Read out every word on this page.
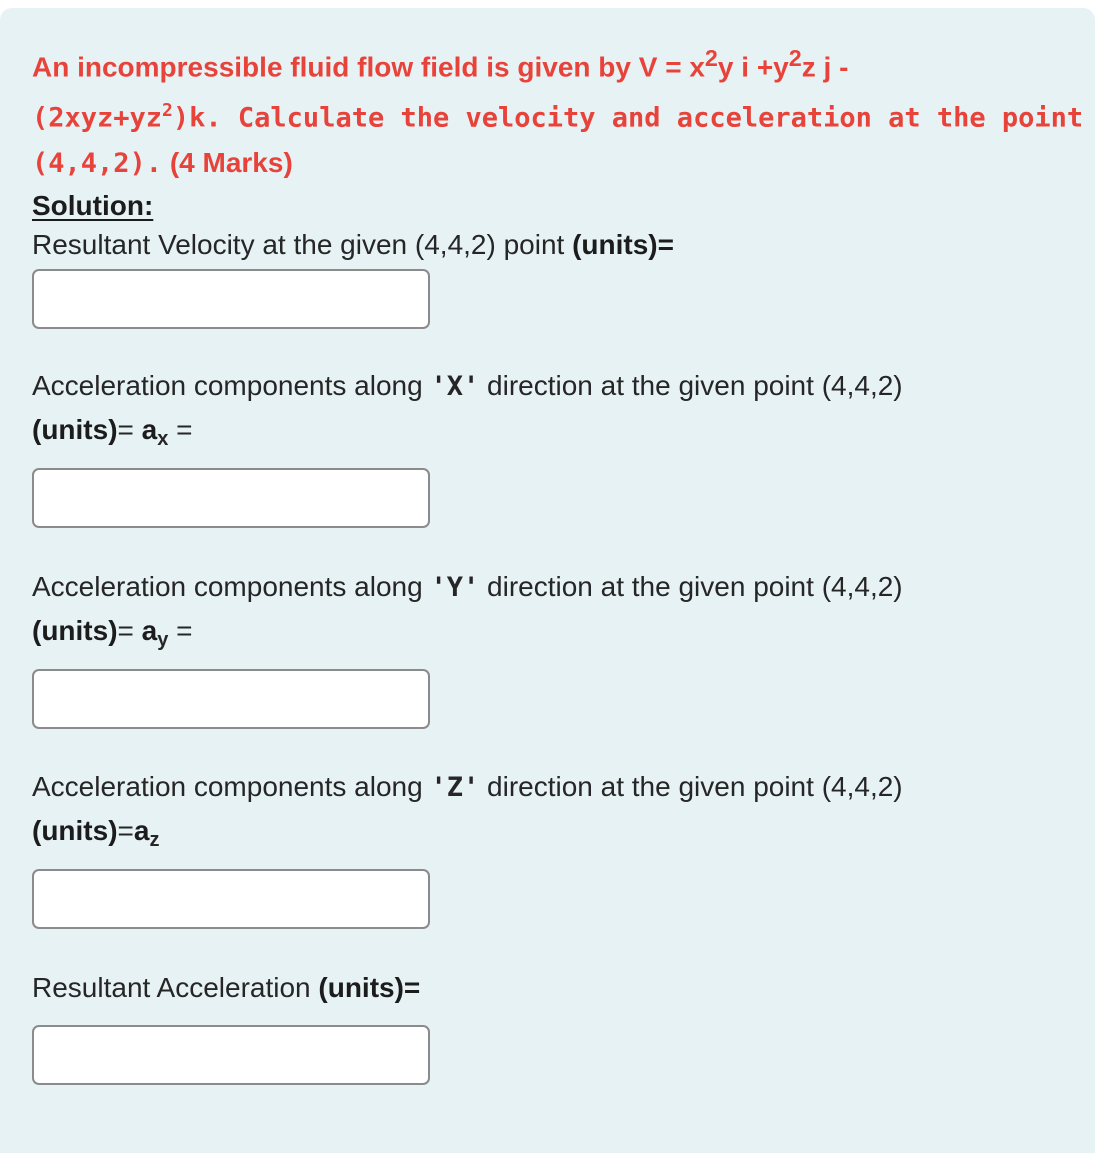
An incompressible fluid flow field is given by $V = x^2y$ $i +y^2z$ j -
$(2xyz+yz^2)k$. Calculate the velocity and acceleration at the point
(4,4,2). (4 Marks)

Solution:
Resultant Velocity at the given (4,4,2) point (units)=
Acceleration components along 'X' direction at the given point (4,4,2)
(units)= $a_x$ =
Acceleration components along 'Y' direction at the given point (4,4,2)
(units)= $a_y$ =
Acceleration components along 'Z' direction at the given point (4,4,2)
$(units)=a_z$
Resultant Acceleration (units)=
